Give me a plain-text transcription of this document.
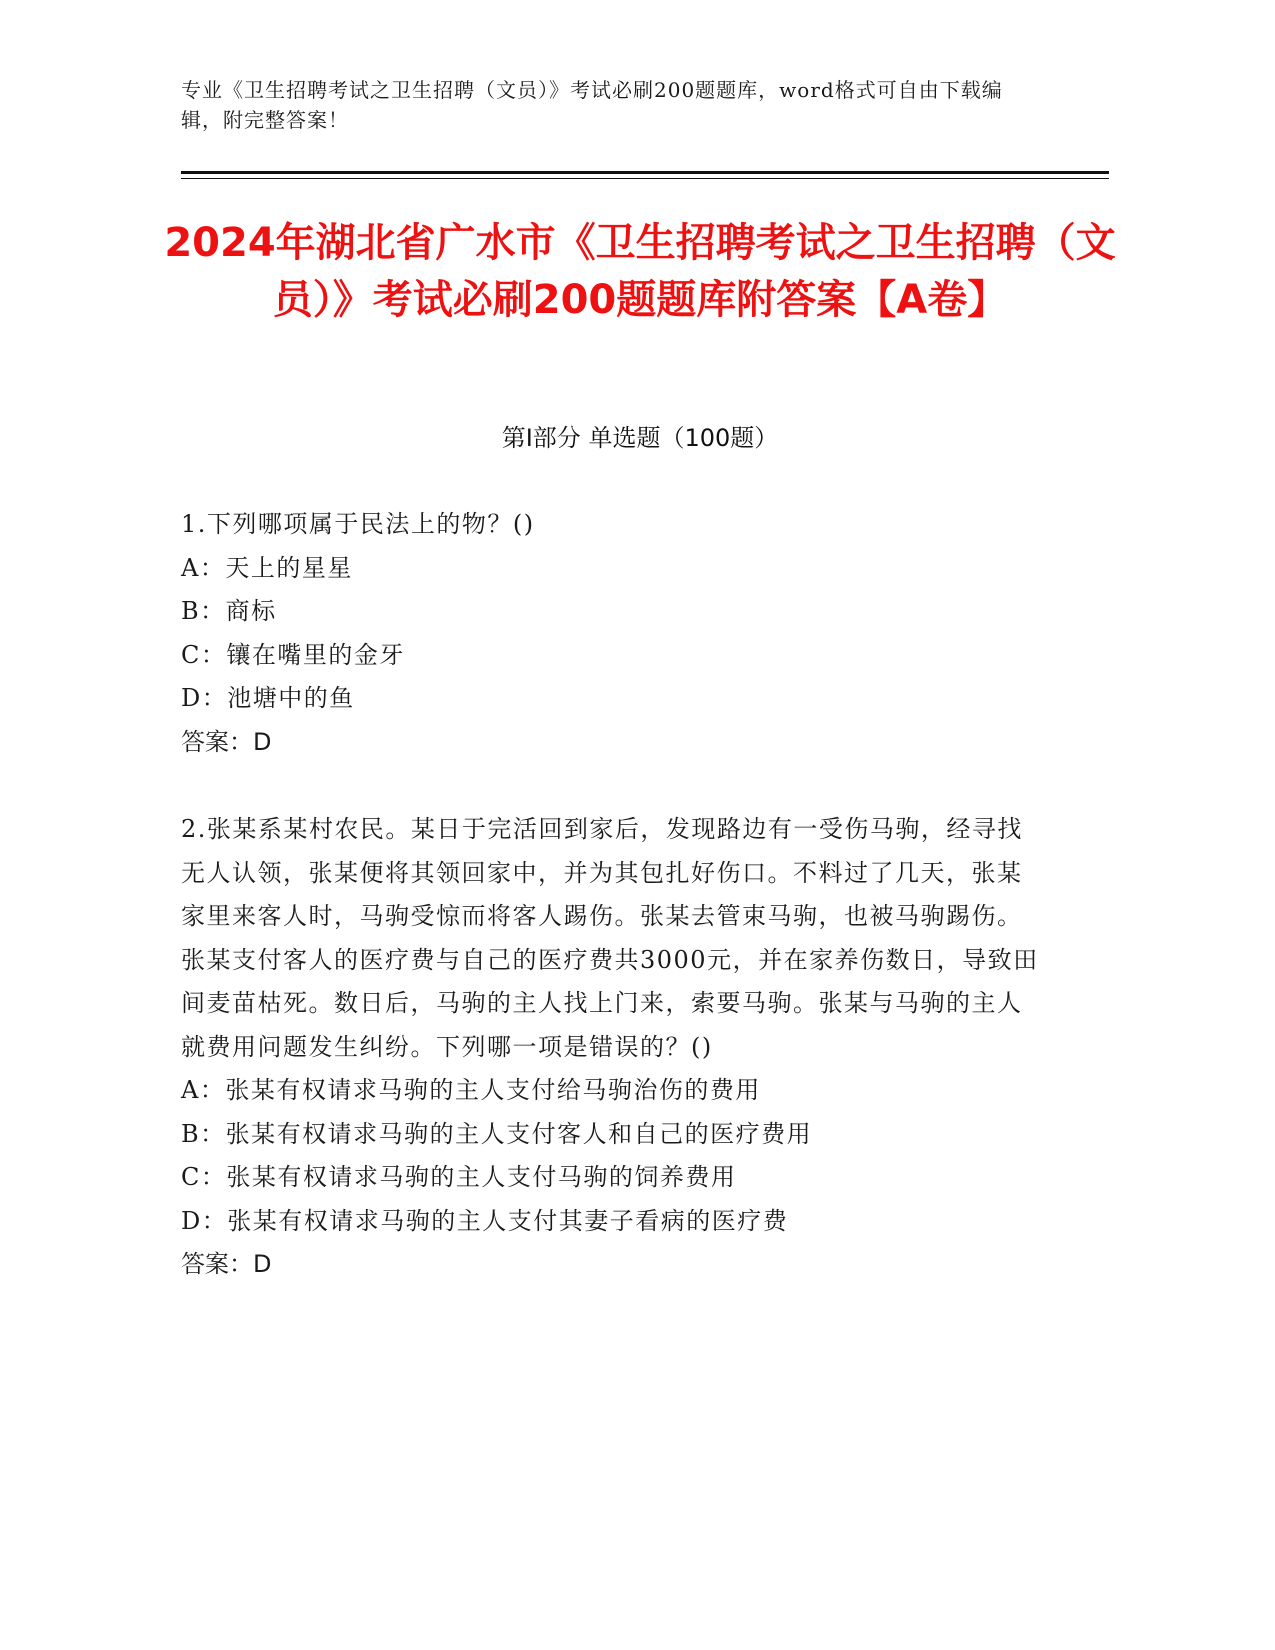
专业《卫生招聘考试之卫生招聘（文员）》考试必刷200题题库，word格式可自由下载编辑，附完整答案！
2024年湖北省广水市《卫生招聘考试之卫生招聘（文员）》考试必刷200题题库附答案【A卷】
第I部分 单选题（100题）
1.下列哪项属于民法上的物？()
A：天上的星星
B：商标
C：镶在嘴里的金牙
D：池塘中的鱼
答案：D
2.张某系某村农民。某日于完活回到家后，发现路边有一受伤马驹，经寻找无人认领，张某便将其领回家中，并为其包扎好伤口。不料过了几天，张某家里来客人时，马驹受惊而将客人踢伤。张某去管束马驹，也被马驹踢伤。张某支付客人的医疗费与自己的医疗费共3000元，并在家养伤数日，导致田间麦苗枯死。数日后，马驹的主人找上门来，索要马驹。张某与马驹的主人就费用问题发生纠纷。下列哪一项是错误的？()
A：张某有权请求马驹的主人支付给马驹治伤的费用
B：张某有权请求马驹的主人支付客人和自己的医疗费用
C：张某有权请求马驹的主人支付马驹的饲养费用
D：张某有权请求马驹的主人支付其妻子看病的医疗费
答案：D
